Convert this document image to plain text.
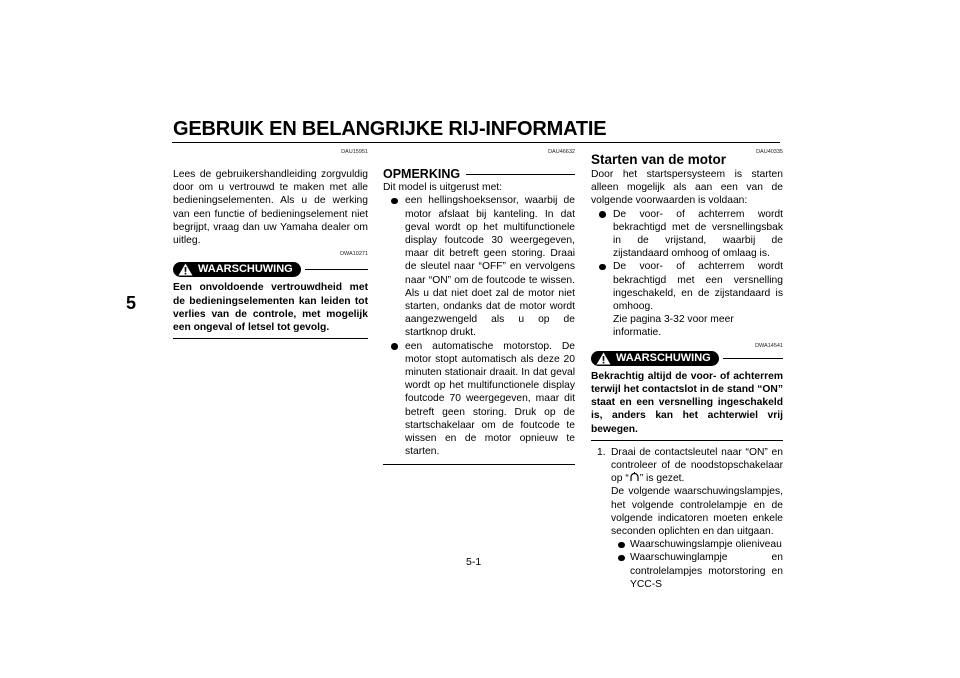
GEBRUIK EN BELANGRIJKE RIJ-INFORMATIE
5
DAU15951
Lees de gebruikershandleiding zorgvuldig door om u vertrouwd te maken met alle bedieningselementen. Als u de werking van een functie of bedieningselement niet begrijpt, vraag dan uw Yamaha dealer om uitleg.
DWA10271
WAARSCHUWING
Een onvoldoende vertrouwdheid met de bedieningselementen kan leiden tot verlies van de controle, met mogelijk een ongeval of letsel tot gevolg.
DAU46632
OPMERKING
Dit model is uitgerust met:
een hellingshoeksensor, waarbij de motor afslaat bij kanteling. In dat geval wordt op het multifunctionele display foutcode 30 weergegeven, maar dit betreft geen storing. Draai de sleutel naar “OFF” en vervolgens naar “ON” om de foutcode te wissen. Als u dat niet doet zal de motor niet starten, ondanks dat de motor wordt aangezwengeld als u op de startknop drukt.
een automatische motorstop. De motor stopt automatisch als deze 20 minuten stationair draait. In dat geval wordt op het multifunctionele display foutcode 70 weergegeven, maar dit betreft geen storing. Druk op de startschakelaar om de foutcode te wissen en de motor opnieuw te starten.
DAU40335
Starten van de motor
Door het startspersysteem is starten alleen mogelijk als aan een van de volgende voorwaarden is voldaan:
De voor- of achterrem wordt bekrachtigd met de versnellingsbak in de vrijstand, waarbij de zijstandaard omhoog of omlaag is.
De voor- of achterrem wordt bekrachtigd met een versnelling ingeschakeld, en de zijstandaard is omhoog.
Zie pagina 3-32 voor meer informatie.
DWA14541
WAARSCHUWING
Bekrachtig altijd de voor- of achterrem terwijl het contactslot in de stand “ON” staat en een versnelling ingeschakeld is, anders kan het achterwiel vrij bewegen.
1. Draai de contactsleutel naar “ON” en controleer of de noodstopschakelaar op “ ” is gezet.
De volgende waarschuwingslampjes, het volgende controlelampje en de volgende indicatoren moeten enkele seconden oplichten en dan uitgaan.
Waarschuwingslampje olieniveau
Waarschuwinglampje en controlelampjes motorstoring en YCC-S
5-1
